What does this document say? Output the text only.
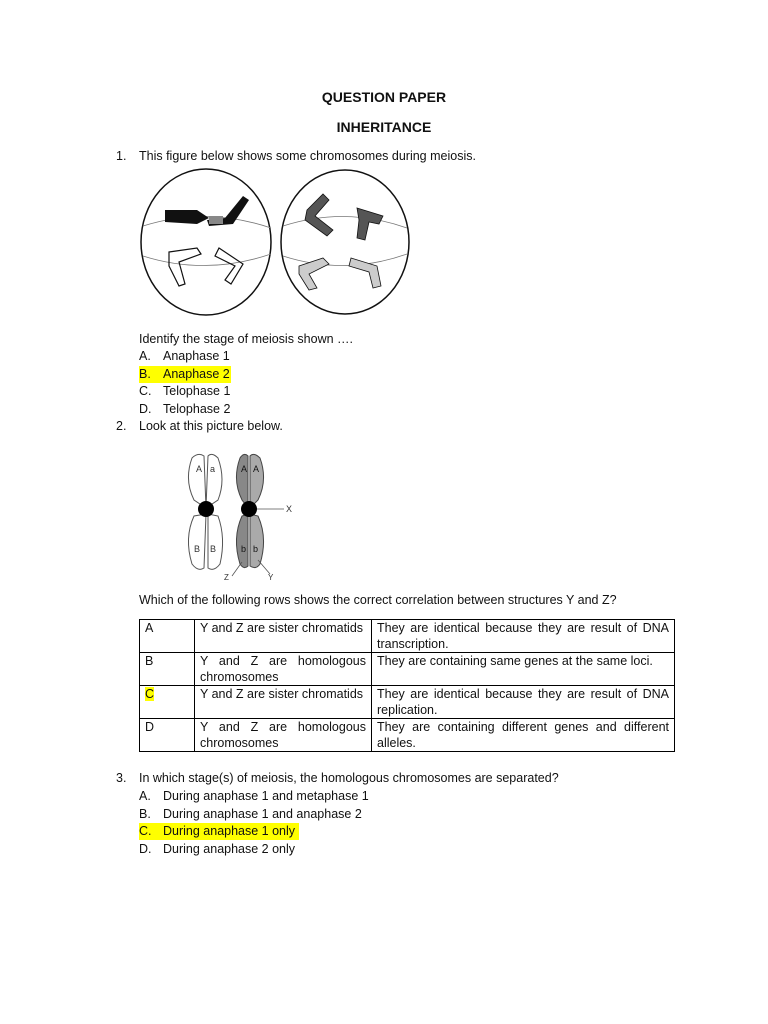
QUESTION PAPER
INHERITANCE
1. This figure below shows some chromosomes during meiosis.
Identify the stage of meiosis shown ….
A. Anaphase 1
B. Anaphase 2
C. Telophase 1
D. Telophase 2
2. Look at this picture below.
A a	A A
B B	b b
X
Z	Y
Which of the following rows shows the correct correlation between structures Y and Z?
A	Y and Z are sister chromatids	They are identical because they are result of DNA transcription.
B	Y and Z are homologous chromosomes	They are containing same genes at the same loci.
C	Y and Z are sister chromatids	They are identical because they are result of DNA replication.
D	Y and Z are homologous chromosomes	They are containing different genes and different alleles.
3. In which stage(s) of meiosis, the homologous chromosomes are separated?
A. During anaphase 1 and metaphase 1
B. During anaphase 1 and anaphase 2
C. During anaphase 1 only
D. During anaphase 2 only
